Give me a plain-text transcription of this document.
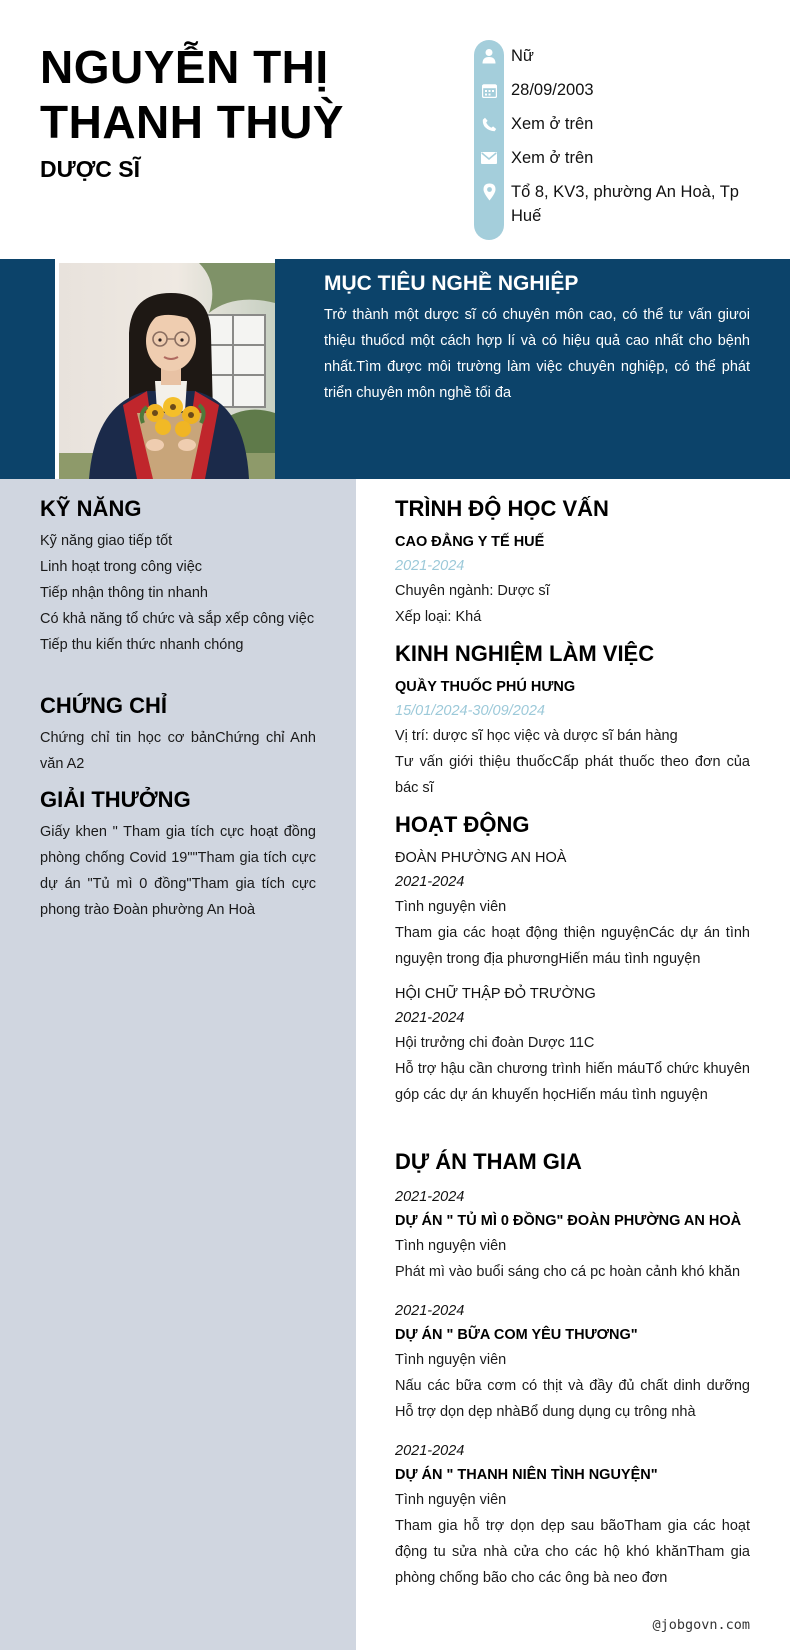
NGUYỄN THỊ
THANH THUỲ
DƯỢC SĨ
Nữ
28/09/2003
Xem ở trên
Xem ở trên
Tổ 8, KV3, phường An Hoà, Tp Huế
MỤC TIÊU NGHỀ NGHIỆP
Trở thành một dược sĩ có chuyên môn cao, có thể tư vấn giưoi thiệu thuốcd một cách hợp lí và có hiệu quả cao nhất cho bệnh nhất.Tìm được môi trường làm việc chuyên nghiệp, có thể phát triển chuyên môn nghề tối đa
KỸ NĂNG

Kỹ năng giao tiếp tốt

Linh hoạt trong công việc

Tiếp nhận thông tin nhanh

Có khả năng tổ chức và sắp xếp công việc

Tiếp thu kiến thức nhanh chóng

CHỨNG CHỈ

Chứng chỉ tin học cơ bảnChứng chỉ Anh văn A2

GIẢI THƯỞNG

Giấy khen " Tham gia tích cực hoạt đồng phòng chống Covid 19""Tham gia tích cực dự án "Tủ mì 0 đồng"Tham gia tích cực phong trào Đoàn phường An Hoà

TRÌNH ĐỘ HỌC VẤN
CAO ĐẲNG Y TẾ HUẾ
2021-2024

Chuyên ngành: Dược sĩ

Xếp loại: Khá

KINH NGHIỆM LÀM VIỆC
QUẦY THUỐC PHÚ HƯNG
15/01/2024-30/09/2024

Vị trí: dược sĩ học việc và dược sĩ bán hàng

Tư vấn giới thiệu thuốcCấp phát thuốc theo đơn của bác sĩ

HOẠT ĐỘNG
ĐOÀN PHƯỜNG AN HOÀ
2021-2024

Tình nguyện viên

Tham gia các hoạt động thiện nguyệnCác dự án tình nguyện trong địa phươngHiến máu tình nguyện

HỘI CHỮ THẬP ĐỎ TRƯỜNG
2021-2024

Hội trưởng chi đoàn Dược 11C

Hỗ trợ hậu cần chương trình hiến máuTổ chức khuyên góp các dự án khuyến họcHiến máu tình nguyện

DỰ ÁN THAM GIA
2021-2024
DỰ ÁN " TỦ MÌ 0 ĐỒNG" ĐOÀN PHƯỜNG AN HOÀ

Tình nguyện viên

Phát mì vào buổi sáng cho cá pc hoàn cảnh khó khăn

2021-2024
DỰ ÁN " BỮA COM YÊU THƯƠNG"

Tình nguyện viên

Nấu các bữa cơm có thịt và đầy đủ chất dinh dưỡng Hỗ trợ dọn dẹp nhàBổ dung dụng cụ trông nhà

2021-2024
DỰ ÁN " THANH NIÊN TÌNH NGUYỆN"

Tình nguyện viên

Tham gia hỗ trợ dọn dẹp sau bãoTham gia các hoạt động tu sửa nhà cửa cho các hộ khó khănTham gia phòng chống bão cho các ông bà neo đơn

@jobgovn.com
